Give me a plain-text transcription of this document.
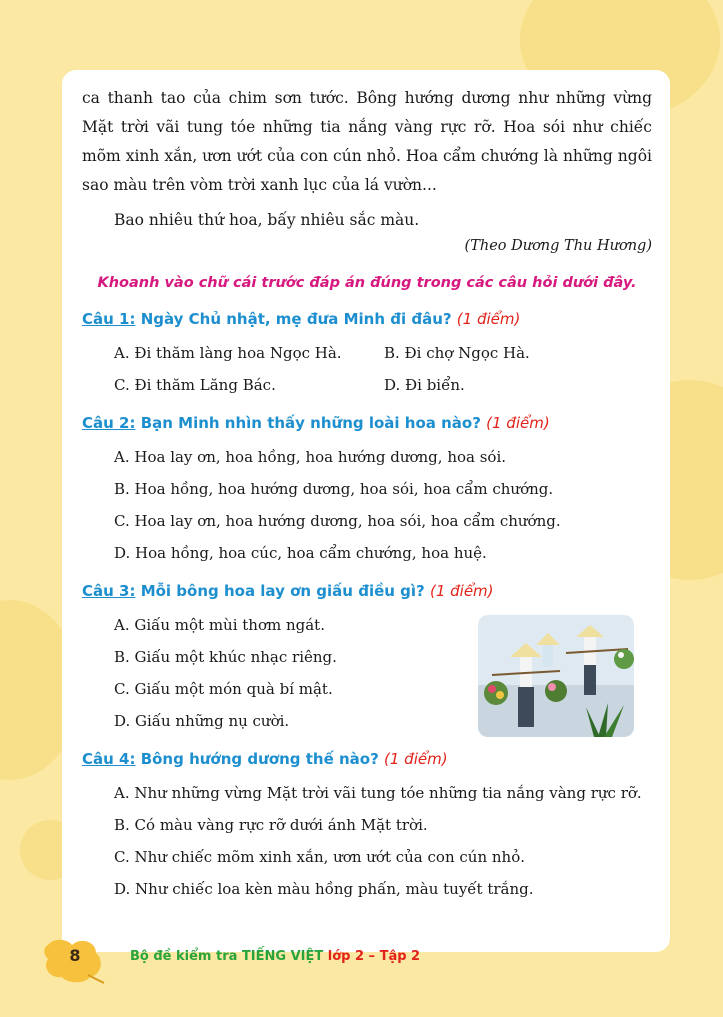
ca thanh tao của chim sơn tước. Bông hướng dương như những vừng Mặt trời vãi tung tóe những tia nắng vàng rực rỡ. Hoa sói như chiếc mõm xinh xắn, ươn ướt của con cún nhỏ. Hoa cẩm chướng là những ngôi sao màu trên vòm trời xanh lục của lá vườn...

Bao nhiêu thứ hoa, bấy nhiêu sắc màu.

(Theo Dương Thu Hương)

Khoanh vào chữ cái trước đáp án đúng trong các câu hỏi dưới đây.

Câu 1: Ngày Chủ nhật, mẹ đưa Minh đi đâu? (1 điểm)

A. Đi thăm làng hoa Ngọc Hà.	B. Đi chợ Ngọc Hà.
C. Đi thăm Lăng Bác.	D. Đi biển.

Câu 2: Bạn Minh nhìn thấy những loài hoa nào? (1 điểm)

A. Hoa lay ơn, hoa hồng, hoa hướng dương, hoa sói.
B. Hoa hồng, hoa hướng dương, hoa sói, hoa cẩm chướng.
C. Hoa lay ơn, hoa hướng dương, hoa sói, hoa cẩm chướng.
D. Hoa hồng, hoa cúc, hoa cẩm chướng, hoa huệ.

Câu 3: Mỗi bông hoa lay ơn giấu điều gì? (1 điểm)

A. Giấu một mùi thơm ngát.
B. Giấu một khúc nhạc riêng.
C. Giấu một món quà bí mật.
D. Giấu những nụ cười.

Câu 4: Bông hướng dương thế nào? (1 điểm)

A. Như những vừng Mặt trời vãi tung tóe những tia nắng vàng rực rỡ.
B. Có màu vàng rực rỡ dưới ánh Mặt trời.
C. Như chiếc mõm xinh xắn, ươn ướt của con cún nhỏ.
D. Như chiếc loa kèn màu hồng phấn, màu tuyết trắng.
8	Bộ đề kiểm tra TIẾNG VIỆT lớp 2 – Tập 2
